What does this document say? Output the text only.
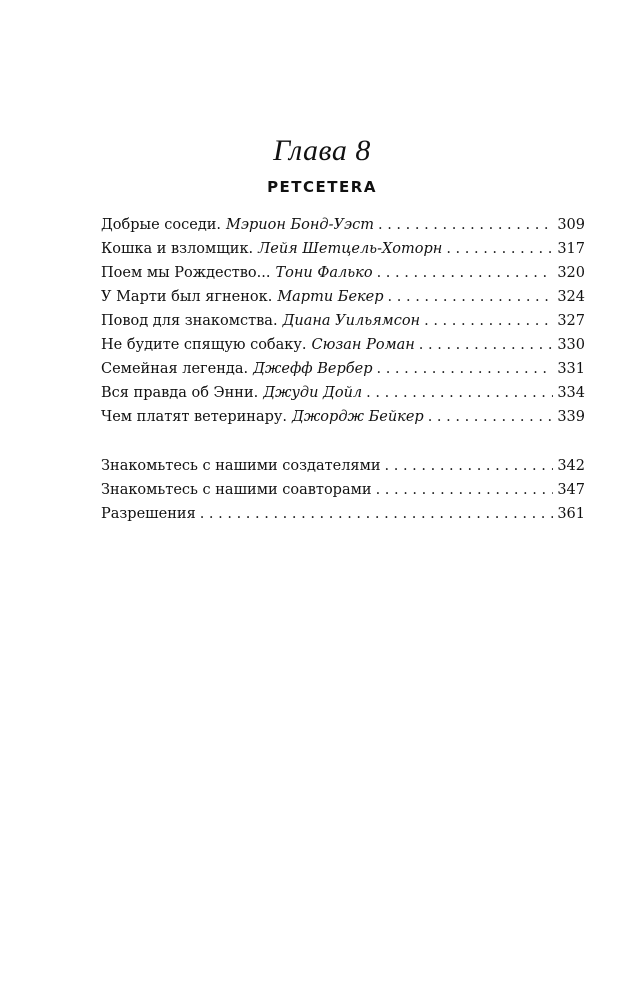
Глава 8
PETCETERA
Добрые соседи. Мэрион Бонд-Уэст . . .	309
Кошка и взломщик. Лейя Шетцель-Хоторн . . .	317
Поем мы Рождество... Тони Фалько . . .	320
У Марти был ягненок. Марти Бекер . . .	324
Повод для знакомства. Диана Уильямсон . . .	327
Не будите спящую собаку. Сюзан Роман . . .	330
Семейная легенда. Джефф Вербер . . .	331
Вся правда об Энни. Джуди Дойл . . .	334
Чем платят ветеринару. Джордж Бейкер . . .	339
Знакомьтесь с нашими создателями . . .	342
Знакомьтесь с нашими соавторами . . .	347
Разрешения . . .	361
